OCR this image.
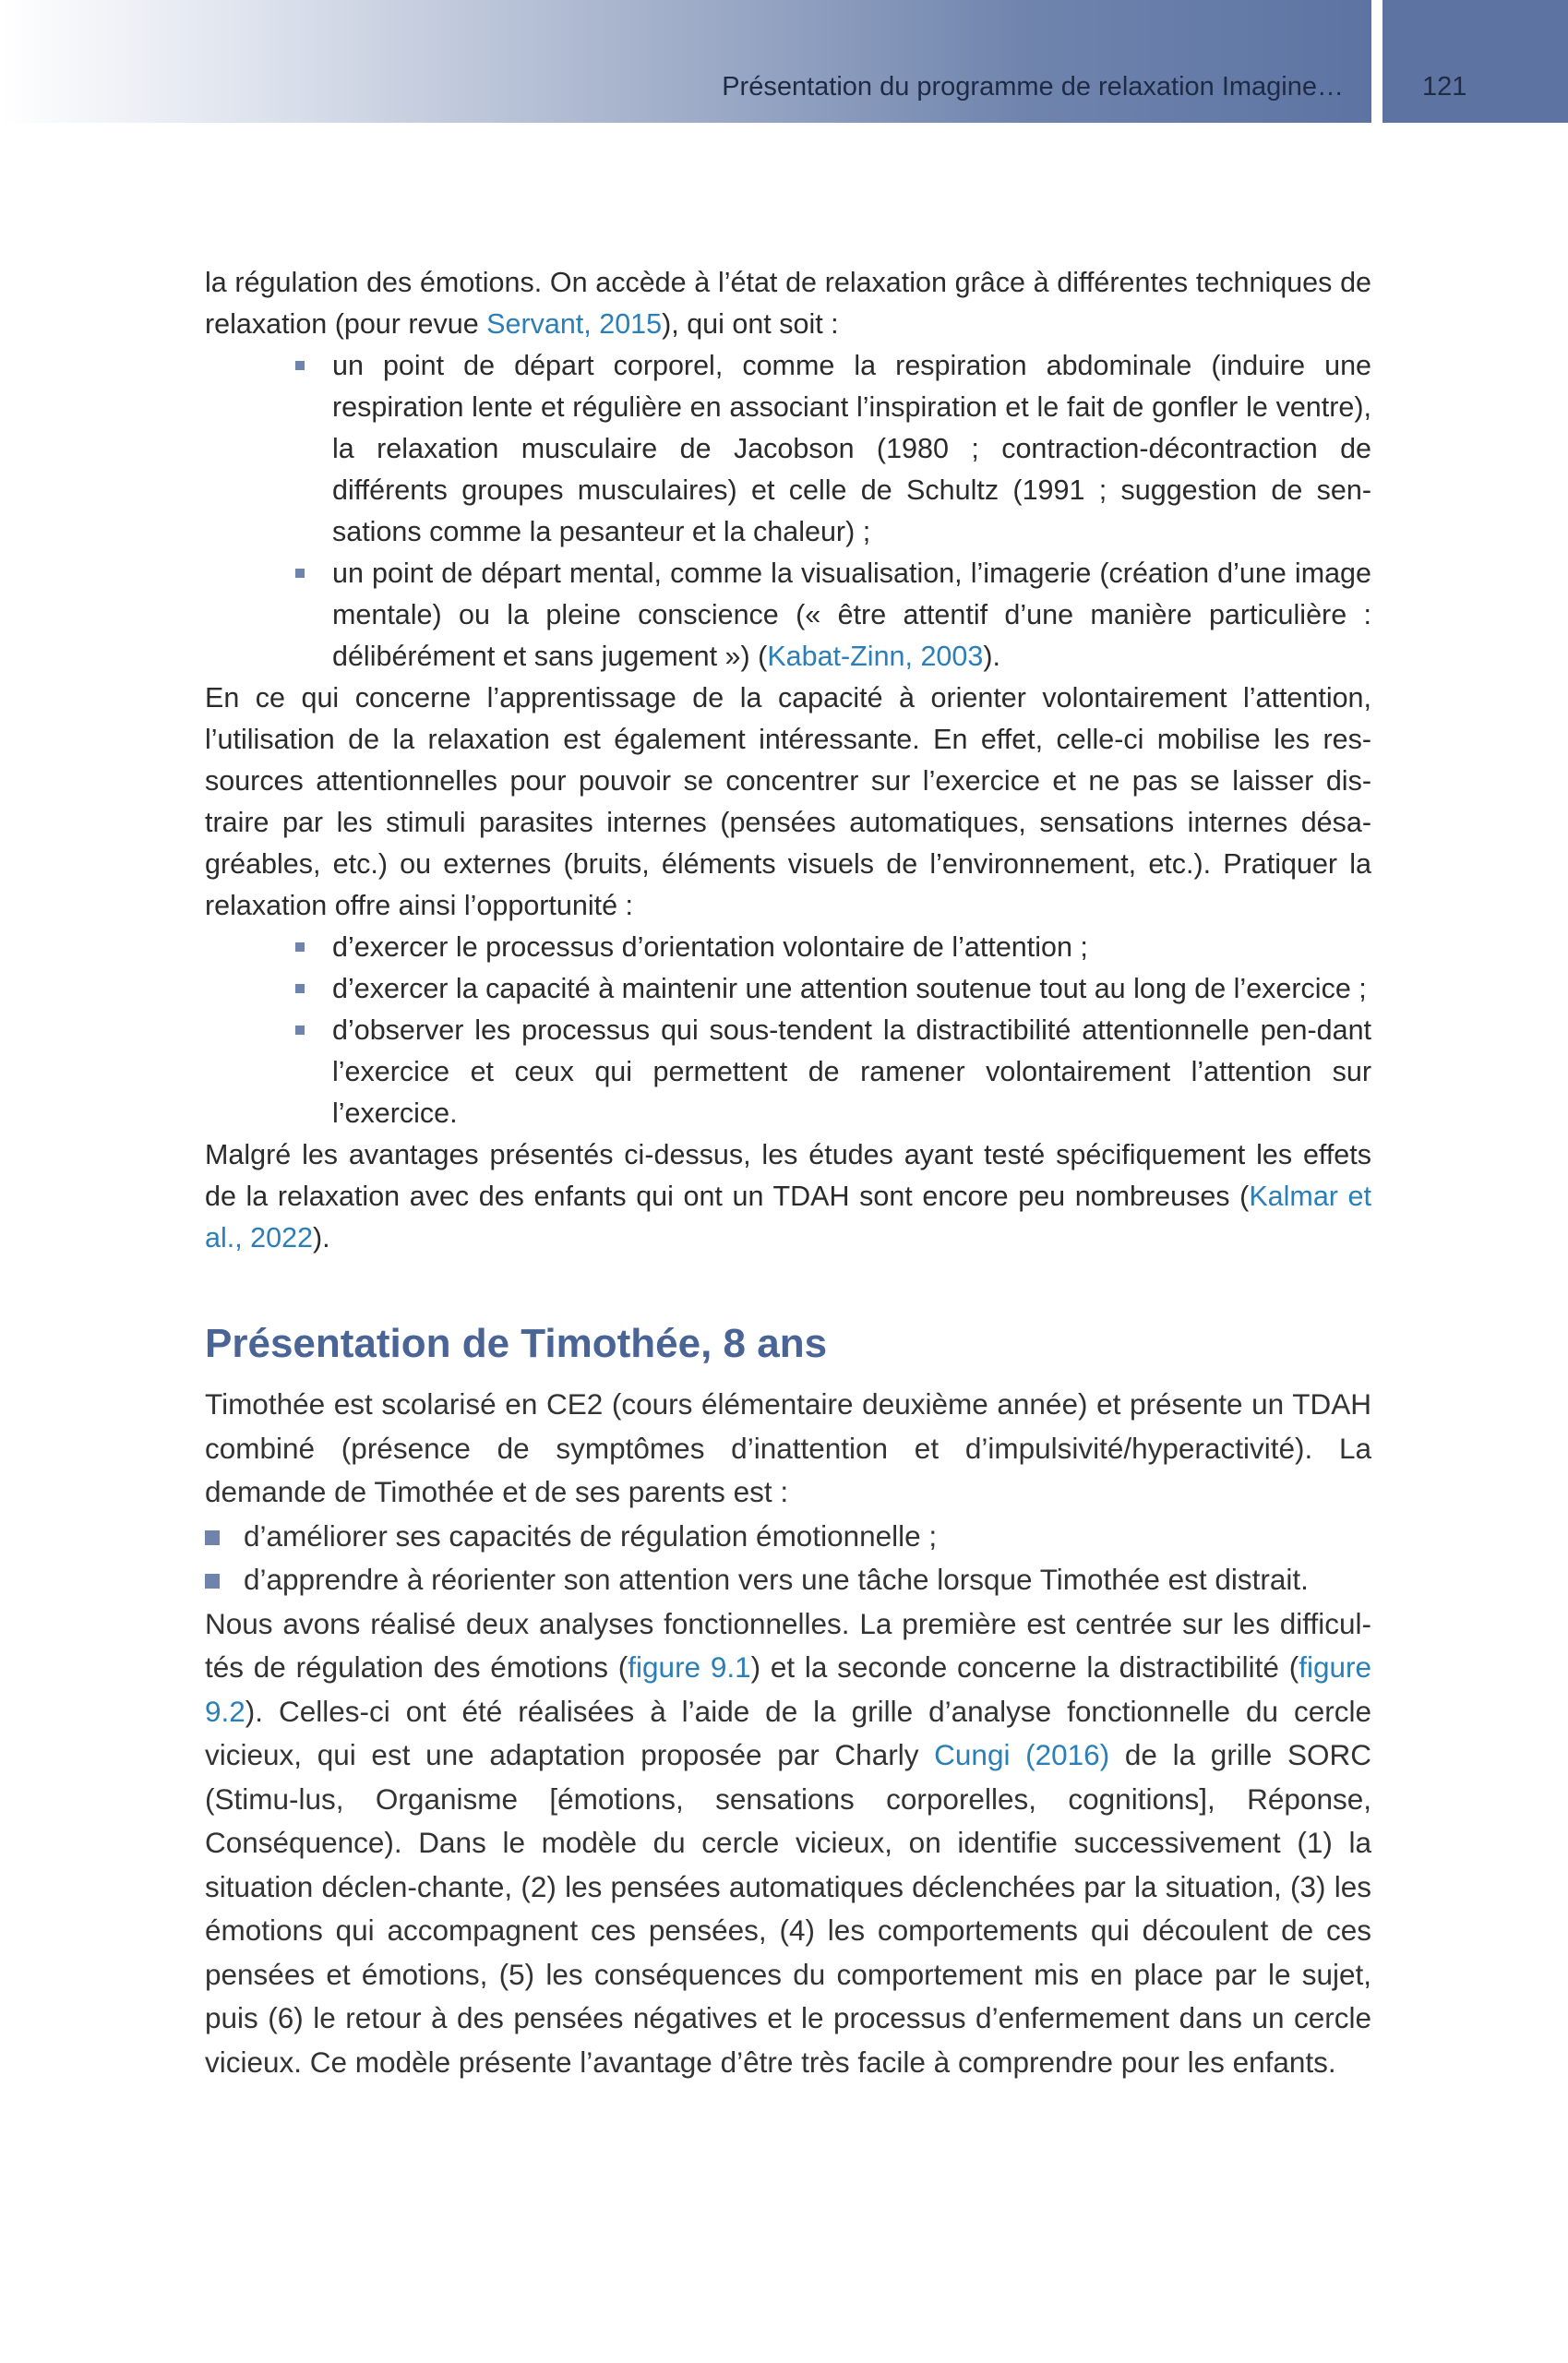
Présentation du programme de relaxation Imagine…	121

la régulation des émotions. On accède à l’état de relaxation grâce à différentes techniques de relaxation (pour revue Servant, 2015), qui ont soit :

un point de départ corporel, comme la respiration abdominale (induire une respiration lente et régulière en associant l’inspiration et le fait de gonfler le ventre), la relaxation musculaire de Jacobson (1980 ; contraction-décontraction de différents groupes musculaires) et celle de Schultz (1991 ; suggestion de sen-sations comme la pesanteur et la chaleur) ;
un point de départ mental, comme la visualisation, l’imagerie (création d’une image mentale) ou la pleine conscience (« être attentif d’une manière particulière : délibérément et sans jugement ») (Kabat-Zinn, 2003).

En ce qui concerne l’apprentissage de la capacité à orienter volontairement l’attention, l’utilisation de la relaxation est également intéressante. En effet, celle-ci mobilise les res-sources attentionnelles pour pouvoir se concentrer sur l’exercice et ne pas se laisser dis-traire par les stimuli parasites internes (pensées automatiques, sensations internes désa-gréables, etc.) ou externes (bruits, éléments visuels de l’environnement, etc.). Pratiquer la relaxation offre ainsi l’opportunité :

d’exercer le processus d’orientation volontaire de l’attention ;
d’exercer la capacité à maintenir une attention soutenue tout au long de l’exercice ;
d’observer les processus qui sous-tendent la distractibilité attentionnelle pen-dant l’exercice et ceux qui permettent de ramener volontairement l’attention sur l’exercice.

Malgré les avantages présentés ci-dessus, les études ayant testé spécifiquement les effets de la relaxation avec des enfants qui ont un TDAH sont encore peu nombreuses (Kalmar et al., 2022).

Présentation de Timothée, 8 ans

Timothée est scolarisé en CE2 (cours élémentaire deuxième année) et présente un TDAH combiné (présence de symptômes d’inattention et d’impulsivité/hyperactivité). La demande de Timothée et de ses parents est :

d’améliorer ses capacités de régulation émotionnelle ;
d’apprendre à réorienter son attention vers une tâche lorsque Timothée est distrait.

Nous avons réalisé deux analyses fonctionnelles. La première est centrée sur les difficul-tés de régulation des émotions (figure 9.1) et la seconde concerne la distractibilité (figure 9.2). Celles-ci ont été réalisées à l’aide de la grille d’analyse fonctionnelle du cercle vicieux, qui est une adaptation proposée par Charly Cungi (2016) de la grille SORC (Stimu-lus, Organisme [émotions, sensations corporelles, cognitions], Réponse, Conséquence). Dans le modèle du cercle vicieux, on identifie successivement (1) la situation déclen-chante, (2) les pensées automatiques déclenchées par la situation, (3) les émotions qui accompagnent ces pensées, (4) les comportements qui découlent de ces pensées et émotions, (5) les conséquences du comportement mis en place par le sujet, puis (6) le retour à des pensées négatives et le processus d’enfermement dans un cercle vicieux. Ce modèle présente l’avantage d’être très facile à comprendre pour les enfants.
